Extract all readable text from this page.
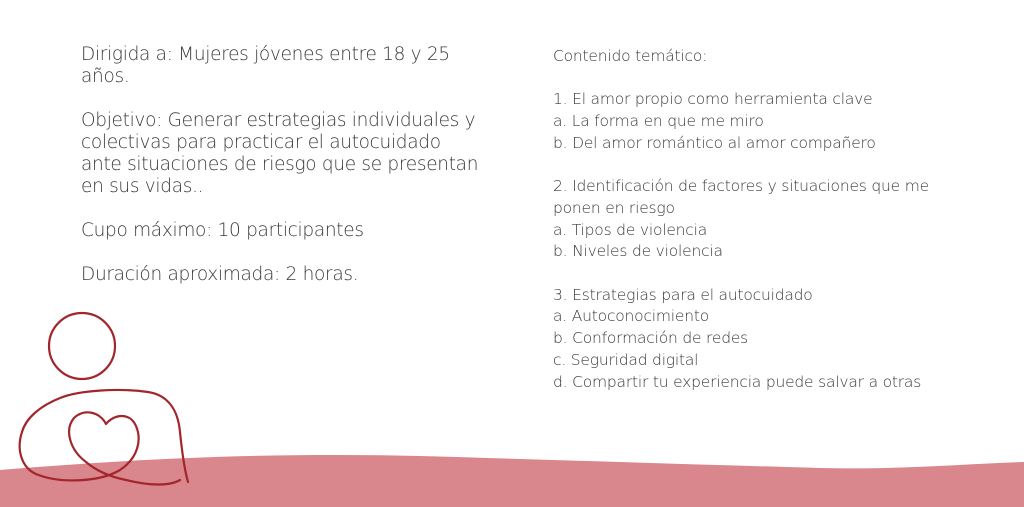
Dirigida a: Mujeres jóvenes entre 18 y 25
años.

Objetivo: Generar estrategias individuales y
colectivas para practicar el autocuidado
ante situaciones de riesgo que se presentan
en sus vidas..

Cupo máximo: 10 participantes

Duración aproximada: 2 horas.

Contenido temático:

1. El amor propio como herramienta clave
a. La forma en que me miro
b. Del amor romántico al amor compañero

2. Identificación de factores y situaciones que me
ponen en riesgo
a. Tipos de violencia
b. Niveles de violencia

3. Estrategias para el autocuidado
a. Autoconocimiento
b. Conformación de redes
c. Seguridad digital
d. Compartir tu experiencia puede salvar a otras
